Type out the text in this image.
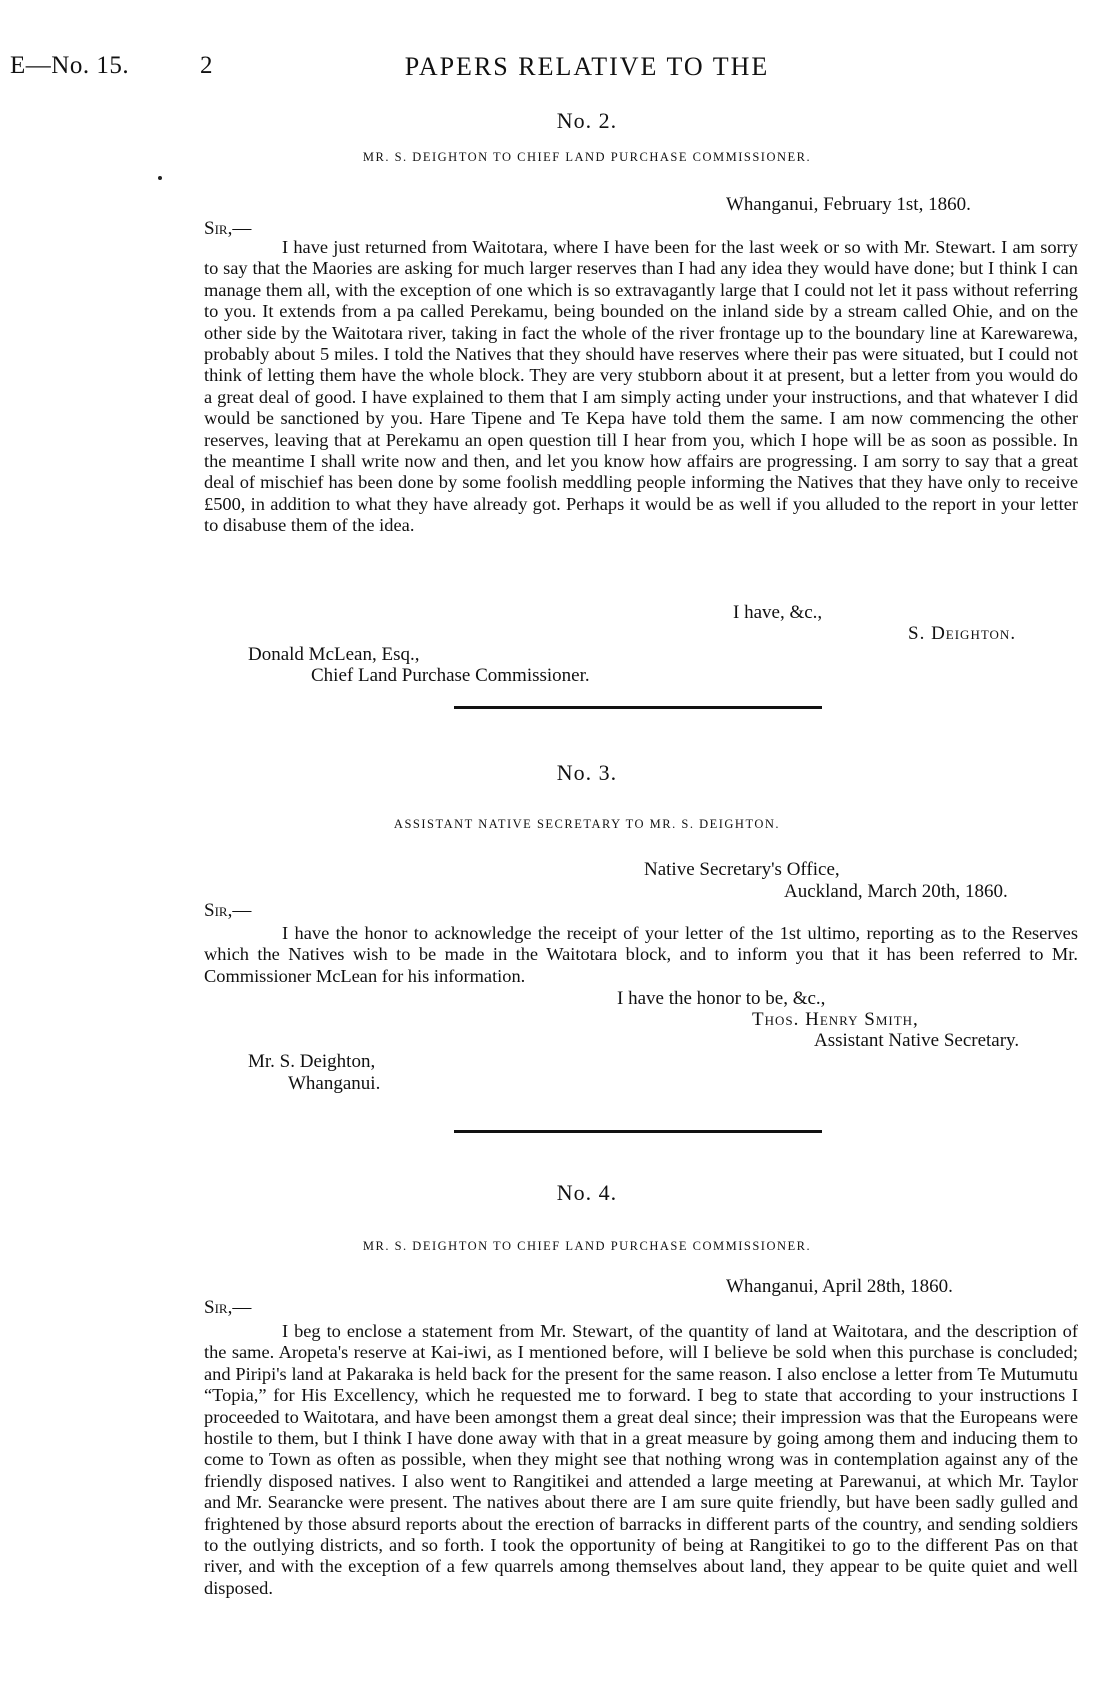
E—No. 15.	2	PAPERS RELATIVE TO THE
No. 2.
MR. S. DEIGHTON TO CHIEF LAND PURCHASE COMMISSIONER.
Whanganui, February 1st, 1860.
Sir,—

I have just returned from Waitotara, where I have been for the last week or so with Mr. Stewart. I am sorry to say that the Maories are asking for much larger reserves than I had any idea they would have done; but I think I can manage them all, with the exception of one which is so extravagantly large that I could not let it pass without referring to you. It extends from a pa called Perekamu, being bounded on the inland side by a stream called Ohie, and on the other side by the Waitotara river, taking in fact the whole of the river frontage up to the boundary line at Karewarewa, probably about 5 miles. I told the Natives that they should have reserves where their pas were situated, but I could not think of letting them have the whole block. They are very stubborn about it at present, but a letter from you would do a great deal of good. I have explained to them that I am simply acting under your instructions, and that whatever I did would be sanctioned by you. Hare Tipene and Te Kepa have told them the same. I am now commencing the other reserves, leaving that at Perekamu an open question till I hear from you, which I hope will be as soon as possible. In the meantime I shall write now and then, and let you know how affairs are progressing. I am sorry to say that a great deal of mischief has been done by some foolish meddling people informing the Natives that they have only to receive £500, in addition to what they have already got. Perhaps it would be as well if you alluded to the report in your letter to disabuse them of the idea.

I have, &c.,
S. Deighton.
Donald McLean, Esq.,
Chief Land Purchase Commissioner.
No. 3.
ASSISTANT NATIVE SECRETARY TO MR. S. DEIGHTON.
Native Secretary's Office,
Auckland, March 20th, 1860.
Sir,—

I have the honor to acknowledge the receipt of your letter of the 1st ultimo, reporting as to the Reserves which the Natives wish to be made in the Waitotara block, and to inform you that it has been referred to Mr. Commissioner McLean for his information.

I have the honor to be, &c.,
Thos. Henry Smith,
Assistant Native Secretary.
Mr. S. Deighton,
Whanganui.
No. 4.
MR. S. DEIGHTON TO CHIEF LAND PURCHASE COMMISSIONER.
Whanganui, April 28th, 1860.
Sir,—

I beg to enclose a statement from Mr. Stewart, of the quantity of land at Waitotara, and the description of the same. Aropeta's reserve at Kai-iwi, as I mentioned before, will I believe be sold when this purchase is concluded; and Piripi's land at Pakaraka is held back for the present for the same reason. I also enclose a letter from Te Mutumutu “Topia,” for His Excellency, which he requested me to forward. I beg to state that according to your instructions I proceeded to Waitotara, and have been amongst them a great deal since; their impression was that the Europeans were hostile to them, but I think I have done away with that in a great measure by going among them and inducing them to come to Town as often as possible, when they might see that nothing wrong was in contemplation against any of the friendly disposed natives. I also went to Rangitikei and attended a large meeting at Parewanui, at which Mr. Taylor and Mr. Searancke were present. The natives about there are I am sure quite friendly, but have been sadly gulled and frightened by those absurd reports about the erection of barracks in different parts of the country, and sending soldiers to the outlying districts, and so forth. I took the opportunity of being at Rangitikei to go to the different Pas on that river, and with the exception of a few quarrels among themselves about land, they appear to be quite quiet and well disposed.
